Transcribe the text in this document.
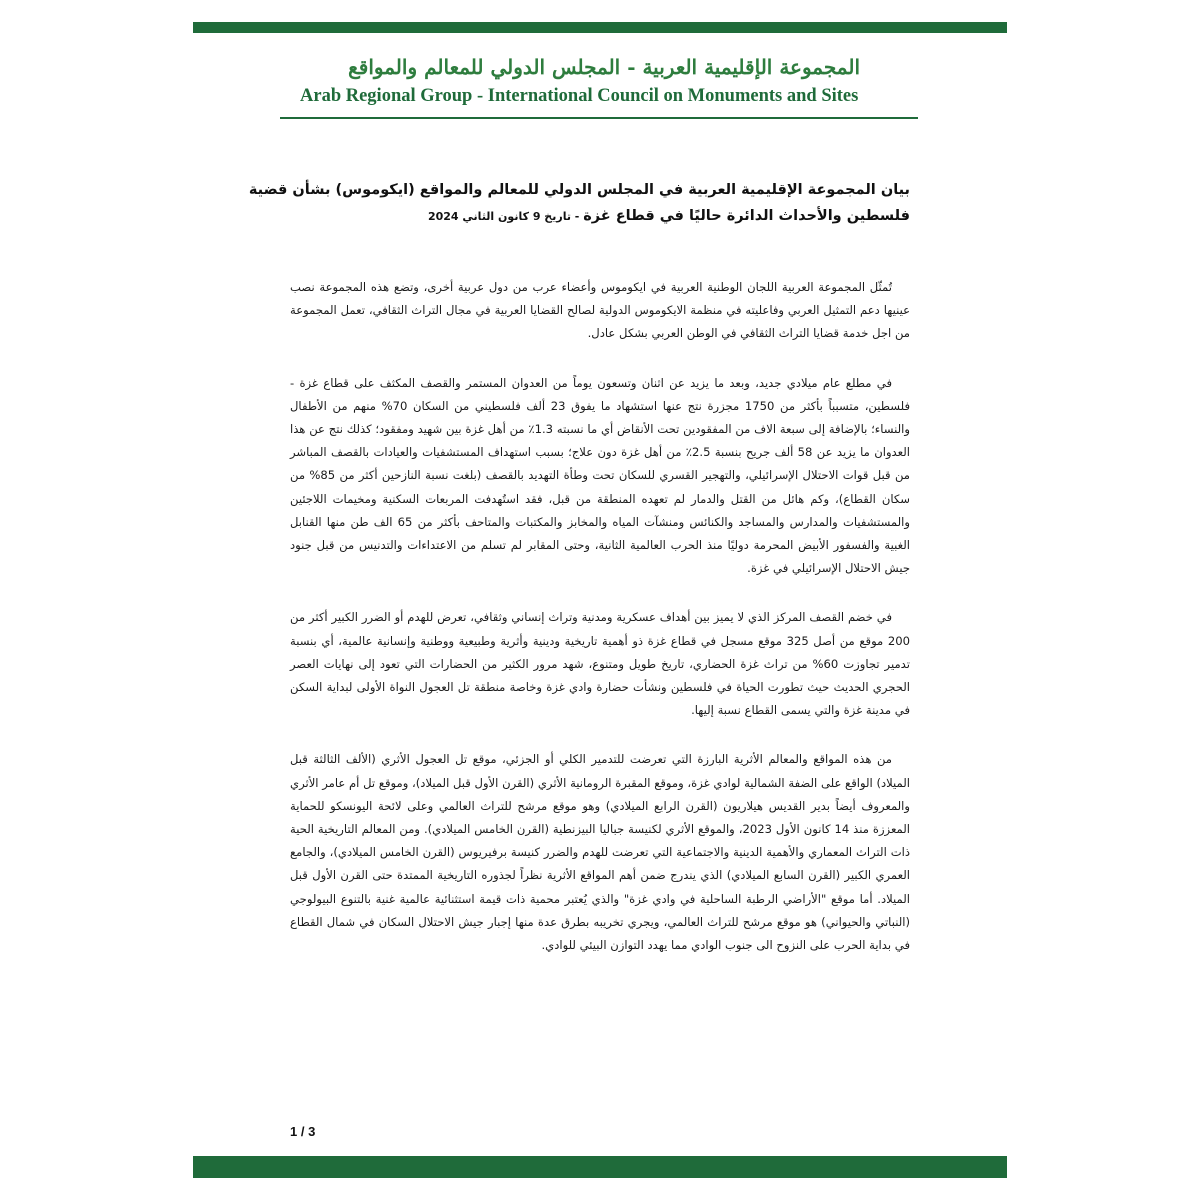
المجموعة الإقليمية العربية - المجلس الدولي للمعالم والمواقع
Arab Regional Group - International Council on Monuments and Sites
بيان المجموعة الإقليمية العربية في المجلس الدولي للمعالم والمواقع (ايكوموس) بشأن قضية
فلسطين والأحداث الدائرة حاليًا في قطاع غزة - تاريخ 9 كانون الثاني 2024

تُمثّل المجموعة العربية اللجان الوطنية العربية في ايكوموس وأعضاء عرب من دول عربية أخرى، وتضع هذه المجموعة نصب عينيها دعم التمثيل العربي وفاعليته في منظمة الايكوموس الدولية لصالح القضايا العربية في مجال التراث الثقافي، تعمل المجموعة من اجل خدمة قضايا التراث الثقافي في الوطن العربي بشكل عادل.

في مطلع عام ميلادي جديد، وبعد ما يزيد عن اثنان وتسعون يوماً من العدوان المستمر والقصف المكثف على قطاع غزة - فلسطين، متسبباً بأكثر من 1750 مجزرة نتج عنها استشهاد ما يفوق 23 ألف فلسطيني من السكان 70% منهم من الأطفال والنساء؛ بالإضافة إلى سبعة الاف من المفقودين تحت الأنقاض أي ما نسبته 1.3٪ من أهل غزة بين شهيد ومفقود؛ كذلك نتج عن هذا العدوان ما يزيد عن 58 ألف جريح بنسبة 2.5٪ من أهل غزة دون علاج؛ بسبب استهداف المستشفيات والعيادات بالقصف المباشر من قبل قوات الاحتلال الإسرائيلي، والتهجير القسري للسكان تحت وطأة التهديد بالقصف (بلغت نسبة النازحين أكثر من 85% من سكان القطاع)، وكم هائل من القتل والدمار لم تعهده المنطقة من قبل، فقد استُهدفت المربعات السكنية ومخيمات اللاجئين والمستشفيات والمدارس والمساجد والكنائس ومنشآت المياه والمخابز والمكتبات والمتاحف بأكثر من 65 الف طن منها القنابل الغبية والفسفور الأبيض المحرمة دوليًا منذ الحرب العالمية الثانية، وحتى المقابر لم تسلم من الاعتداءات والتدنيس من قبل جنود جيش الاحتلال الإسرائيلي في غزة.

في خضم القصف المركز الذي لا يميز بين أهداف عسكرية ومدنية وتراث إنساني وثقافي، تعرض للهدم أو الضرر الكبير أكثر من 200 موقع من أصل 325 موقع مسجل في قطاع غزة ذو أهمية تاريخية ودينية وأثرية وطبيعية ووطنية وإنسانية عالمية، أي بنسبة تدمير تجاوزت 60% من تراث غزة الحضاري، تاريخ طويل ومتنوع، شهد مرور الكثير من الحضارات التي تعود إلى نهايات العصر الحجري الحديث حيث تطورت الحياة في فلسطين ونشأت حضارة وادي غزة وخاصة منطقة تل العجول النواة الأولى لبداية السكن في مدينة غزة والتي يسمى القطاع نسبة إليها.

من هذه المواقع والمعالم الأثرية البارزة التي تعرضت للتدمير الكلي أو الجزئي، موقع تل العجول الأثري (الألف الثالثة قبل الميلاد) الواقع على الضفة الشمالية لوادي غزة، وموقع المقبرة الرومانية الأثري (القرن الأول قبل الميلاد)، وموقع تل أم عامر الأثري والمعروف أيضاً بدير القديس هيلاريون (القرن الرابع الميلادي) وهو موقع مرشح للتراث العالمي وعلى لائحة اليونسكو للحماية المعززة منذ 14 كانون الأول 2023، والموقع الأثري لكنيسة جباليا البيزنطية (القرن الخامس الميلادي). ومن المعالم التاريخية الحية ذات التراث المعماري والأهمية الدينية والاجتماعية التي تعرضت للهدم والضرر كنيسة برفيريوس (القرن الخامس الميلادي)، والجامع العمري الكبير (القرن السابع الميلادي) الذي يندرج ضمن أهم المواقع الأثرية نظراً لجذوره التاريخية الممتدة حتى القرن الأول قبل الميلاد. أما موقع "الأراضي الرطبة الساحلية في وادي غزة" والذي يُعتبر محمية ذات قيمة استثنائية عالمية غنية بالتنوع البيولوجي (النباتي والحيواني) هو موقع مرشح للتراث العالمي، ويجري تخريبه بطرق عدة منها إجبار جيش الاحتلال السكان في شمال القطاع في بداية الحرب على النزوح الى جنوب الوادي مما يهدد التوازن البيئي للوادي.

1 / 3
